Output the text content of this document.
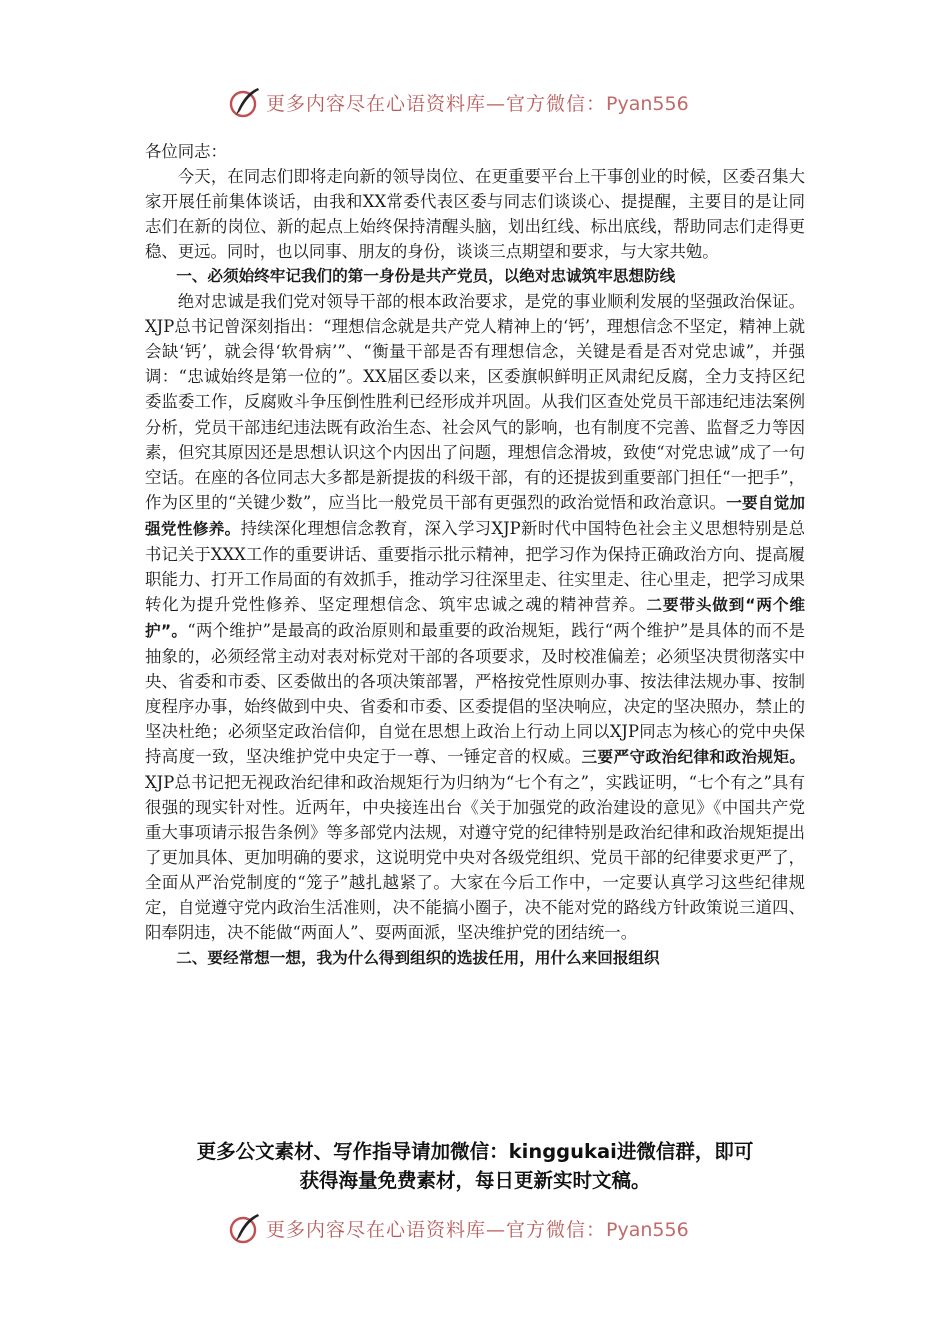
更多内容尽在心语资料库—官方微信：Pyan556

各位同志：

今天，在同志们即将走向新的领导岗位、在更重要平台上干事创业的时候，区委召集大家开展任前集体谈话，由我和XX常委代表区委与同志们谈谈心、提提醒，主要目的是让同志们在新的岗位、新的起点上始终保持清醒头脑，划出红线、标出底线，帮助同志们走得更稳、更远。同时，也以同事、朋友的身份，谈谈三点期望和要求，与大家共勉。

一、必须始终牢记我们的第一身份是共产党员，以绝对忠诚筑牢思想防线

绝对忠诚是我们党对领导干部的根本政治要求，是党的事业顺利发展的坚强政治保证。XJP总书记曾深刻指出：“理想信念就是共产党人精神上的‘钙’，理想信念不坚定，精神上就会缺‘钙’，就会得‘软骨病’”、“衡量干部是否有理想信念，关键是看是否对党忠诚”，并强调：“忠诚始终是第一位的”。XX届区委以来，区委旗帜鲜明正风肃纪反腐，全力支持区纪委监委工作，反腐败斗争压倒性胜利已经形成并巩固。从我们区查处党员干部违纪违法案例分析，党员干部违纪违法既有政治生态、社会风气的影响，也有制度不完善、监督乏力等因素，但究其原因还是思想认识这个内因出了问题，理想信念滑坡，致使“对党忠诚”成了一句空话。在座的各位同志大多都是新提拔的科级干部，有的还提拔到重要部门担任“一把手”，作为区里的“关键少数”，应当比一般党员干部有更强烈的政治觉悟和政治意识。一要自觉加强党性修养。持续深化理想信念教育，深入学习XJP新时代中国特色社会主义思想特别是总书记关于XXX工作的重要讲话、重要指示批示精神，把学习作为保持正确政治方向、提高履职能力、打开工作局面的有效抓手，推动学习往深里走、往实里走、往心里走，把学习成果转化为提升党性修养、坚定理想信念、筑牢忠诚之魂的精神营养。二要带头做到“两个维护”。“两个维护”是最高的政治原则和最重要的政治规矩，践行“两个维护”是具体的而不是抽象的，必须经常主动对表对标党对干部的各项要求，及时校准偏差；必须坚决贯彻落实中央、省委和市委、区委做出的各项决策部署，严格按党性原则办事、按法律法规办事、按制度程序办事，始终做到中央、省委和市委、区委提倡的坚决响应，决定的坚决照办，禁止的坚决杜绝；必须坚定政治信仰，自觉在思想上政治上行动上同以XJP同志为核心的党中央保持高度一致，坚决维护党中央定于一尊、一锤定音的权威。三要严守政治纪律和政治规矩。XJP总书记把无视政治纪律和政治规矩行为归纳为“七个有之”，实践证明，“七个有之”具有很强的现实针对性。近两年，中央接连出台《关于加强党的政治建设的意见》《中国共产党重大事项请示报告条例》等多部党内法规，对遵守党的纪律特别是政治纪律和政治规矩提出了更加具体、更加明确的要求，这说明党中央对各级党组织、党员干部的纪律要求更严了，全面从严治党制度的“笼子”越扎越紧了。大家在今后工作中，一定要认真学习这些纪律规定，自觉遵守党内政治生活准则，决不能搞小圈子，决不能对党的路线方针政策说三道四、阳奉阴违，决不能做“两面人”、耍两面派，坚决维护党的团结统一。

二、要经常想一想，我为什么得到组织的选拔任用，用什么来回报组织

更多公文素材、写作指导请加微信：kinggukai进微信群，即可
获得海量免费素材，每日更新实时文稿。
更多内容尽在心语资料库—官方微信：Pyan556
